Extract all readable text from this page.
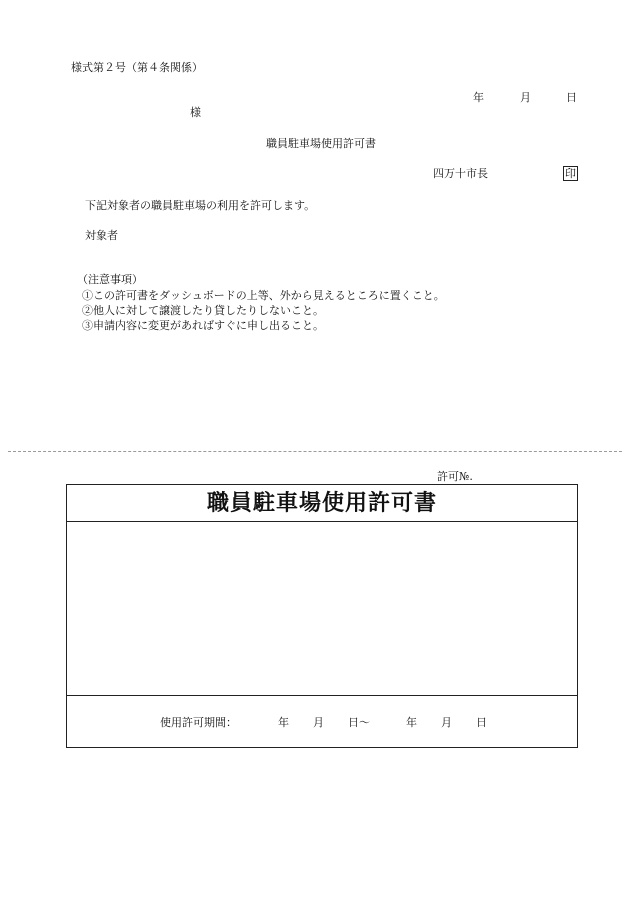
様式第２号（第４条関係）
年	月	日
様
職員駐車場使用許可書
四万十市長	印
下記対象者の職員駐車場の利用を許可します。
対象者
（注意事項）
①この許可書をダッシュボードの上等、外から見えるところに置くこと。
②他人に対して譲渡したり貸したりしないこと。
③申請内容に変更があればすぐに申し出ること。
許可№.
職員駐車場使用許可書
使用許可期間：	年 月 日～	年 月 日
